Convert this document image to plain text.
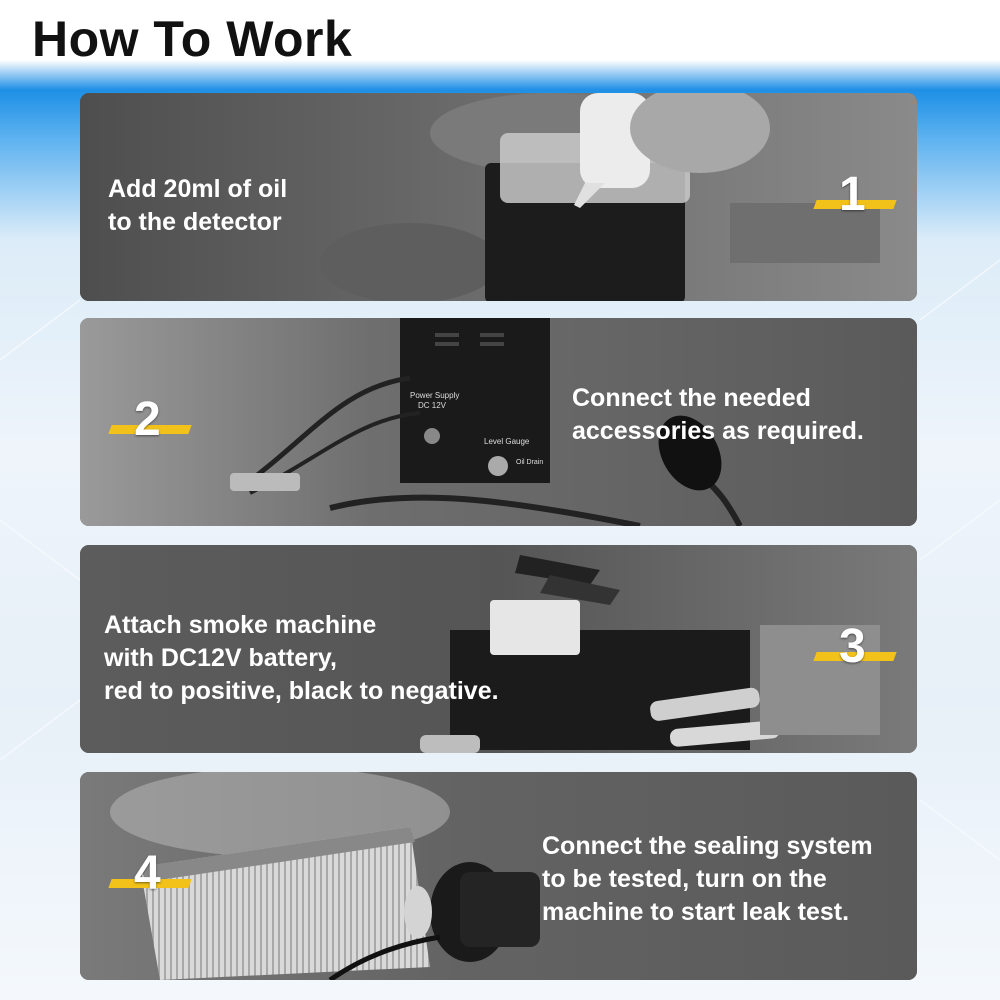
How To Work

Add 20ml of oil
to the detector

1
Power Supply
DC 12V
Level Gauge
Oil Drain

Connect the needed
accessories as required.

2

Attach smoke machine
with DC12V battery,
red to positive, black to negative.

3

Connect the sealing system
to be tested, turn on the
machine to start leak test.

4
